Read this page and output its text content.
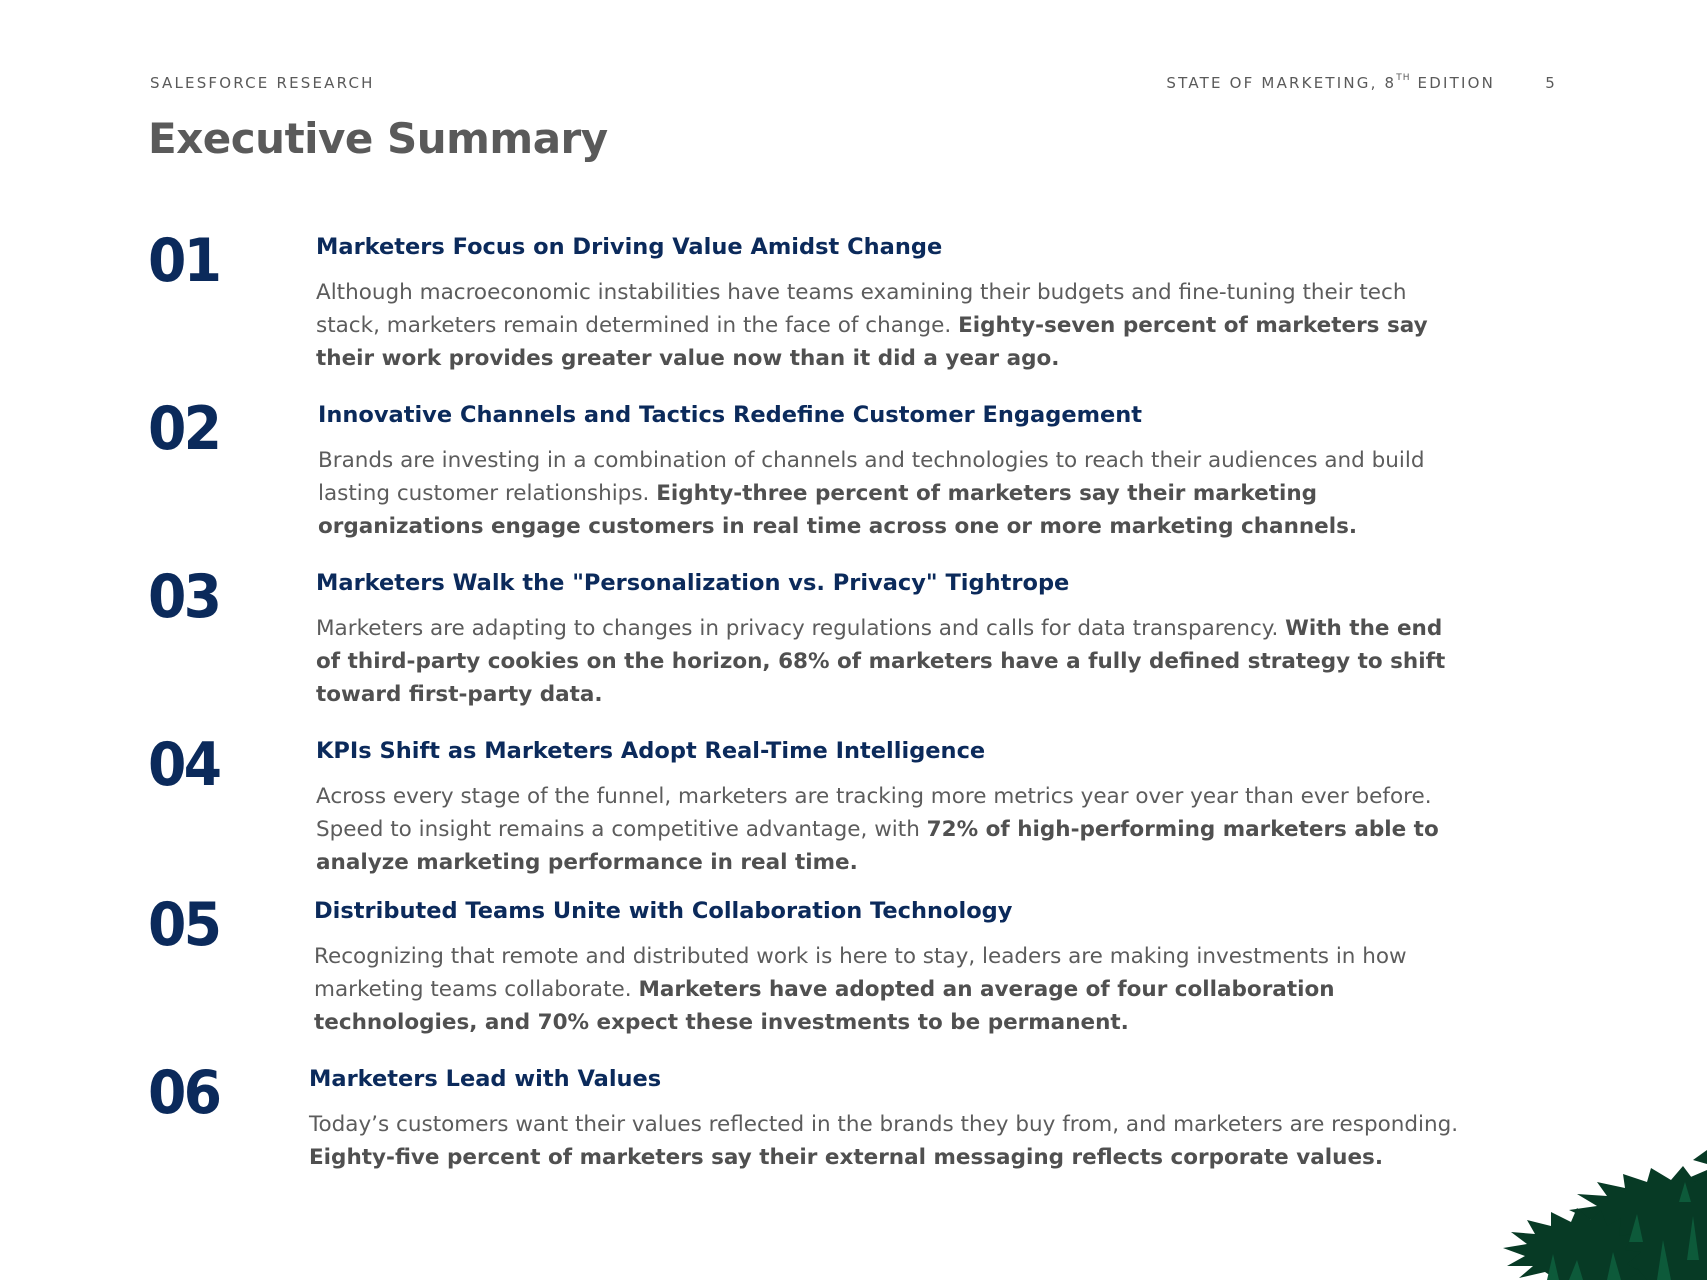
SALESFORCE RESEARCH	STATE OF MARKETING, 8TH EDITION	5
Executive Summary
01	Marketers Focus on Driving Value Amidst Change

Although macroeconomic instabilities have teams examining their budgets and fine-tuning their tech stack, marketers remain determined in the face of change. Eighty-seven percent of marketers say their work provides greater value now than it did a year ago.

02	Innovative Channels and Tactics Redefine Customer Engagement

Brands are investing in a combination of channels and technologies to reach their audiences and build lasting customer relationships. Eighty-three percent of marketers say their marketing organizations engage customers in real time across one or more marketing channels.

03	Marketers Walk the "Personalization vs. Privacy" Tightrope

Marketers are adapting to changes in privacy regulations and calls for data transparency. With the end of third-party cookies on the horizon, 68% of marketers have a fully defined strategy to shift toward first-party data.

04	KPIs Shift as Marketers Adopt Real-Time Intelligence

Across every stage of the funnel, marketers are tracking more metrics year over year than ever before. Speed to insight remains a competitive advantage, with 72% of high-performing marketers able to analyze marketing performance in real time.

05	Distributed Teams Unite with Collaboration Technology

Recognizing that remote and distributed work is here to stay, leaders are making investments in how marketing teams collaborate. Marketers have adopted an average of four collaboration technologies, and 70% expect these investments to be permanent.

06	Marketers Lead with Values

Today’s customers want their values reflected in the brands they buy from, and marketers are responding. Eighty-five percent of marketers say their external messaging reflects corporate values.
